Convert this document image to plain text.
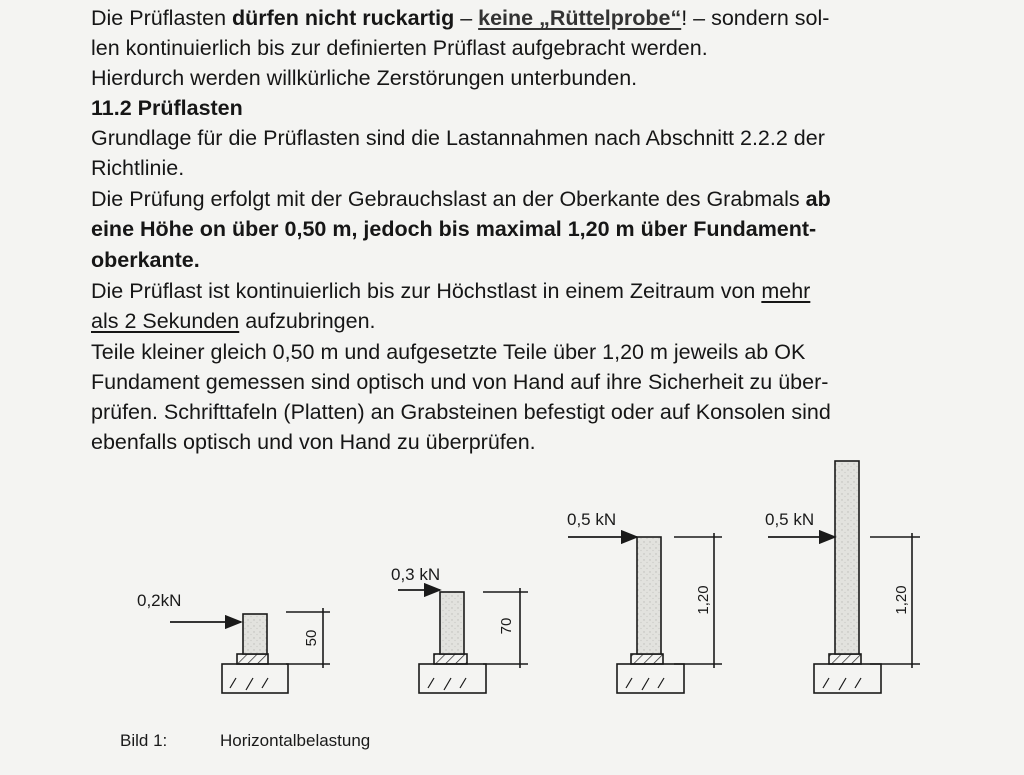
Die Prüflasten dürfen nicht ruckartig – keine „Rüttelprobe“! – sondern sol-
len kontinuierlich bis zur definierten Prüflast aufgebracht werden.
Hierdurch werden willkürliche Zerstörungen unterbunden.
11.2 Prüflasten
Grundlage für die Prüflasten sind die Lastannahmen nach Abschnitt 2.2.2 der
Richtlinie.
Die Prüfung erfolgt mit der Gebrauchslast an der Oberkante des Grabmals ab
eine Höhe on über 0,50 m, jedoch bis maximal 1,20 m über Fundament-
oberkante.
Die Prüflast ist kontinuierlich bis zur Höchstlast in einem Zeitraum von mehr
als 2 Sekunden aufzubringen.
Teile kleiner gleich 0,50 m und aufgesetzte Teile über 1,20 m jeweils ab OK
Fundament gemessen sind optisch und von Hand auf ihre Sicherheit zu über-
prüfen. Schrifttafeln (Platten) an Grabsteinen befestigt oder auf Konsolen sind
ebenfalls optisch und von Hand zu überprüfen.
0,2kN
50
0,3 kN
70
0,5 kN
1,20
0,5 kN
1,20
Bild 1:	Horizontalbelastung
